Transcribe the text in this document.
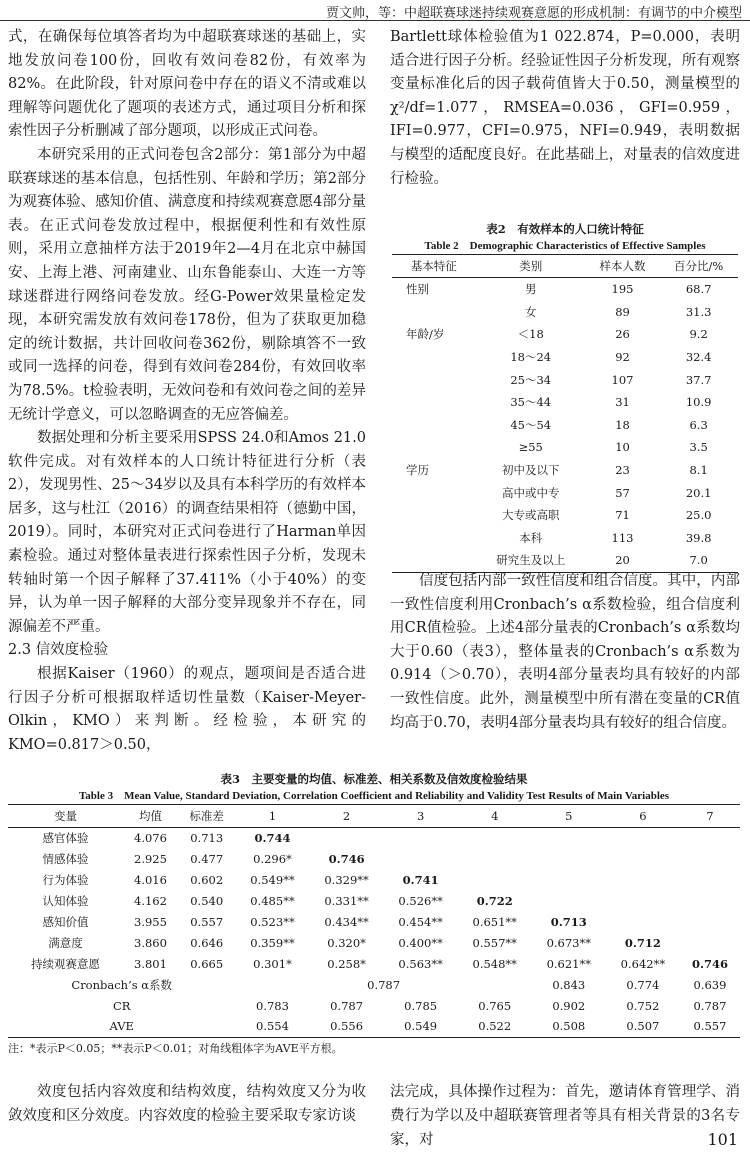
贾文帅，等：中超联赛球迷持续观赛意愿的形成机制：有调节的中介模型

式，在确保每位填答者均为中超联赛球迷的基础上，实地发放问卷100份，回收有效问卷82份，有效率为82%。在此阶段，针对原问卷中存在的语义不清或难以理解等问题优化了题项的表述方式，通过项目分析和探索性因子分析删减了部分题项，以形成正式问卷。

本研究采用的正式问卷包含2部分：第1部分为中超联赛球迷的基本信息，包括性别、年龄和学历；第2部分为观赛体验、感知价值、满意度和持续观赛意愿4部分量表。在正式问卷发放过程中，根据便利性和有效性原则，采用立意抽样方法于2019年2—4月在北京中赫国安、上海上港、河南建业、山东鲁能泰山、大连一方等球迷群进行网络问卷发放。经G-Power效果量检定发现，本研究需发放有效问卷178份，但为了获取更加稳定的统计数据，共计回收问卷362份，剔除填答不一致或同一选择的问卷，得到有效问卷284份，有效回收率为78.5%。t检验表明，无效问卷和有效问卷之间的差异无统计学意义，可以忽略调查的无应答偏差。

数据处理和分析主要采用SPSS 24.0和Amos 21.0软件完成。对有效样本的人口统计特征进行分析（表2），发现男性、25～34岁以及具有本科学历的有效样本居多，这与杜江（2016）的调查结果相符（德勤中国，2019）。同时，本研究对正式问卷进行了Harman单因素检验。通过对整体量表进行探索性因子分析，发现未转轴时第一个因子解释了37.411%（小于40%）的变异，认为单一因子解释的大部分变异现象并不存在，同源偏差不严重。

2.3 信效度检验

根据Kaiser（1960）的观点，题项间是否适合进行因子分析可根据取样适切性量数（Kaiser-Meyer-Olkin，KMO）来判断。经检验，本研究的KMO=0.817＞0.50，

Bartlett球体检验值为1 022.874，P=0.000，表明适合进行因子分析。经验证性因子分析发现，所有观察变量标准化后的因子载荷值皆大于0.50，测量模型的χ²/df=1.077，RMSEA=0.036，GFI=0.959，IFI=0.977，CFI=0.975，NFI=0.949，表明数据与模型的适配度良好。在此基础上，对量表的信效度进行检验。

表2　有效样本的人口统计特征
Table 2　Demographic Characteristics of Effective Samples
基本特征	类别	样本人数	百分比/%
性别	男	195	68.7
	女	89	31.3
年龄/岁	＜18	26	9.2
	18～24	92	32.4
	25～34	107	37.7
	35～44	31	10.9
	45～54	18	6.3
	≥55	10	3.5
学历	初中及以下	23	8.1
	高中或中专	57	20.1
	大专或高职	71	25.0
	本科	113	39.8
	研究生及以上	20	7.0

信度包括内部一致性信度和组合信度。其中，内部一致性信度利用Cronbach’s α系数检验，组合信度利用CR值检验。上述4部分量表的Cronbach’s α系数均大于0.60（表3），整体量表的Cronbach’s α系数为0.914（＞0.70），表明4部分量表均具有较好的内部一致性信度。此外，测量模型中所有潜在变量的CR值均高于0.70，表明4部分量表均具有较好的组合信度。

表3　主要变量的均值、标准差、相关系数及信效度检验结果
Table 3　Mean Value, Standard Deviation, Correlation Coefficient and Reliability and Validity Test Results of Main Variables
变量	均值	标准差	1	2	3	4	5	6	7
感官体验	4.076	0.713	0.744						
情感体验	2.925	0.477	0.296*	0.746					
行为体验	4.016	0.602	0.549**	0.329**	0.741				
认知体验	4.162	0.540	0.485**	0.331**	0.526**	0.722			
感知价值	3.955	0.557	0.523**	0.434**	0.454**	0.651**	0.713		
满意度	3.860	0.646	0.359**	0.320*	0.400**	0.557**	0.673**	0.712	
持续观赛意愿	3.801	0.665	0.301*	0.258*	0.563**	0.548**	0.621**	0.642**	0.746
Cronbach’s α系数			0.787				0.843	0.774	0.639
CR			0.783	0.787	0.785	0.765	0.902	0.752	0.787
AVE			0.554	0.556	0.549	0.522	0.508	0.507	0.557
注：*表示P＜0.05；**表示P＜0.01；对角线粗体字为AVE平方根。

效度包括内容效度和结构效度，结构效度又分为收敛效度和区分效度。内容效度的检验主要采取专家访谈

法完成，具体操作过程为：首先，邀请体育管理学、消费行为学以及中超联赛管理者等具有相关背景的3名专家，对	101
